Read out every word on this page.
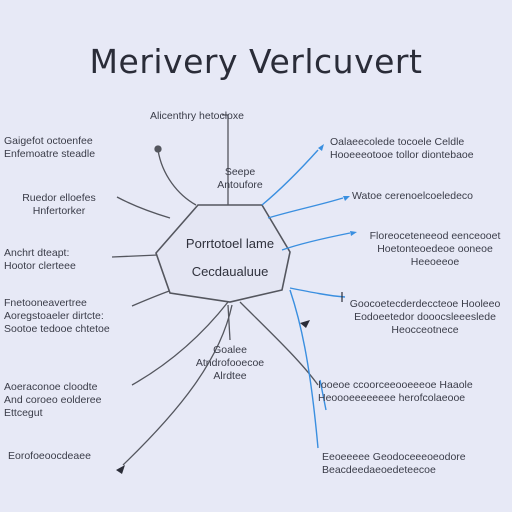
Merivery Verlcuvert
Porrtotoel lame
Cecdaualuue
Alicenthry hetocloxe
Seepe
Antoufore
Gaigefot octoenfee
Enfemoatre steadle
Ruedor elloefes
Hnfertorker
Anchrt dteapt:
Hootor clerteee
Fnetooneavertree
Aoregstoaeler dirtcte:
Sootoe tedooe chtetoe
Aoeraconoe cloodte
And coroeo eolderee
Ettcegut
Eorofoeoocdeaee
Goalee
Atndrofooecoe
Alrdtee
Oalaeecolede tocoele Celdle
Hooeeeotooe tollor diontebaoe
Watoe cerenoelcoeledeco
Floreoceteneeod eenceooet
Hoetonteoedeoe ooneoe
Heeoeeoe
Goocoetecderdeccteoe Hooleeo
Eodoeetedor dooocsleeeslede
Heocceotnece
Iooeoe ccoorceeooeeeoe Haaole
Heoooeeeeeeee herofcolaeooe
Eeoeeeee Geodoceeeoeodore
Beacdeedaeoedeteecoe
